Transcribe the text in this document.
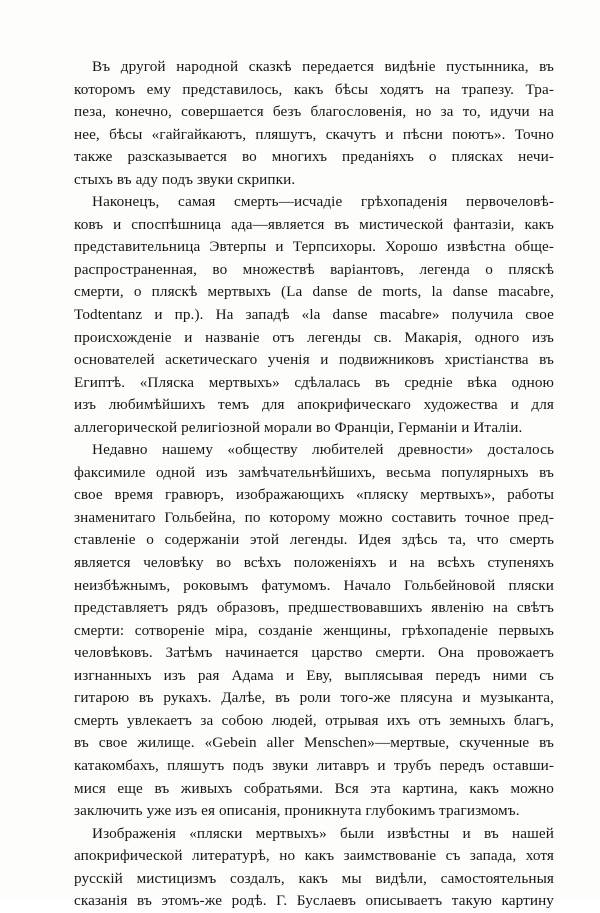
Въ другой народной сказкѣ передается видѣніе пустынника, въ
которомъ ему представилось, какъ бѣсы ходятъ на трапезу. Тра-
пеза, конечно, совершается безъ благословенія, но за то, идучи на
нее, бѣсы «гайгайкаютъ, пляшутъ, скачутъ и пѣсни поютъ». Точно
также разсказывается во многихъ преданіяхъ о плясках нечи-
стыхъ въ аду подъ звуки скрипки.

Наконецъ, самая смерть—исчадіе грѣхопаденія первочеловѣ-
ковъ и споспѣшница ада—является въ мистической фантазіи, какъ
представительница Эвтерпы и Терпсихоры. Хорошо извѣстна обще-
распространенная, во множествѣ варіантовъ, легенда о пляскѣ
смерти, о пляскѣ мертвыхъ (La danse de morts, la danse macabre,
Todtentanz и пр.). На западѣ «la danse macabre» получила свое
происхожденіе и названіе отъ легенды св. Макарія, одного изъ
основателей аскетическаго ученія и подвижниковъ христіанства въ
Египтѣ. «Пляска мертвыхъ» сдѣлалась въ средніе вѣка одною
изъ любимѣйшихъ темъ для апокрифическаго художества и для
аллегорической религіозной морали во Франціи, Германіи и Италіи.

Недавно нашему «обществу любителей древности» досталось
факсимиле одной изъ замѣчательнѣйшихъ, весьма популярныхъ въ
свое время гравюръ, изображающихъ «пляску мертвыхъ», работы
знаменитаго Гольбейна, по которому можно составить точное пред-
ставленіе о содержаніи этой легенды. Идея здѣсь та, что смерть
является человѣку во всѣхъ положеніяхъ и на всѣхъ ступеняхъ
неизбѣжнымъ, роковымъ фатумомъ. Начало Гольбейновой пляски
представляетъ рядъ образовъ, предшествовавшихъ явленію на свѣтъ
смерти: сотвореніе міра, созданіе женщины, грѣхопаденіе первыхъ
человѣковъ. Затѣмъ начинается царство смерти. Она провожаетъ
изгнанныхъ изъ рая Адама и Еву, выплясывая передъ ними съ
гитарою въ рукахъ. Далѣе, въ роли того-же плясуна и музыканта,
смерть увлекаетъ за собою людей, отрывая ихъ отъ земныхъ благъ,
въ свое жилище. «Gebein aller Menschen»—мертвые, скученные въ
катакомбахъ, пляшутъ подъ звуки литавръ и трубъ передъ оставши-
мися еще въ живыхъ собратьями. Вся эта картина, какъ можно
заключить уже изъ ея описанія, проникнута глубокимъ трагизмомъ.

Изображенія «пляски мертвыхъ» были извѣстны и въ нашей
апокрифической литературѣ, но какъ заимствованіе съ запада, хотя
русскій мистицизмъ создалъ, какъ мы видѣли, самостоятельныя
сказанія въ этомъ-же родѣ. Г. Буслаевъ описываетъ такую картину
